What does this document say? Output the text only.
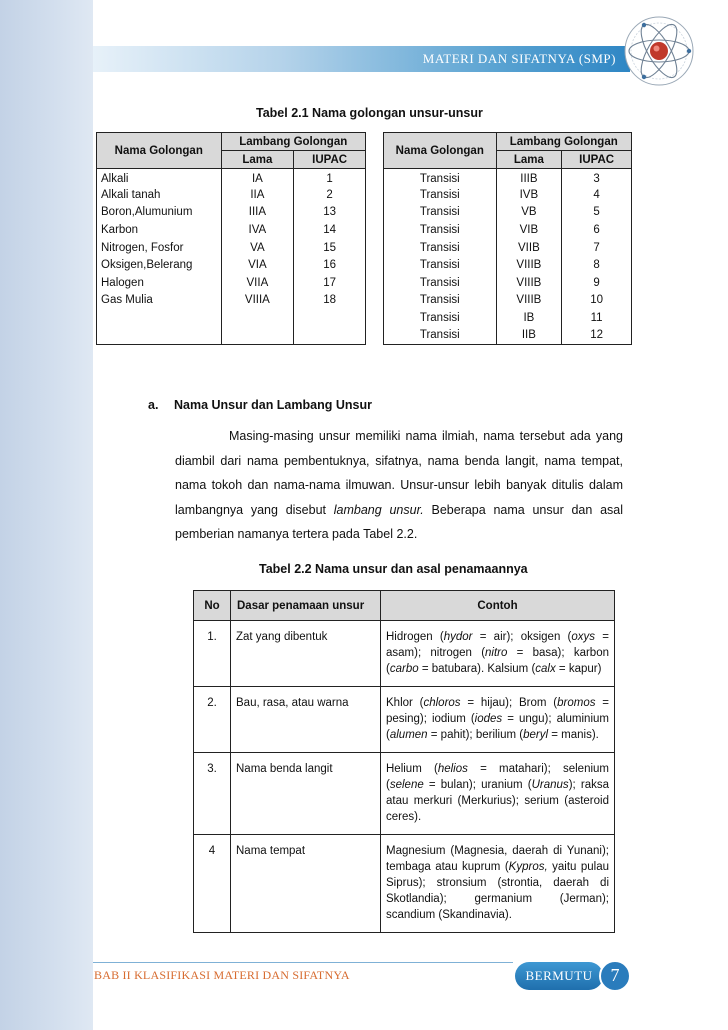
MATERI DAN SIFATNYA (SMP)
Tabel 2.1 Nama golongan unsur-unsur
Nama Golongan	Lambang Golongan	
	Lama	IUPAC
Alkali	IA	1
Alkali tanah	IIA	2
Boron,Alumunium	IIIA	13
Karbon	IVA	14
Nitrogen, Fosfor	VA	15
Oksigen,Belerang	VIA	16
Halogen	VIIA	17
Gas Mulia	VIIIA	18

Nama Golongan	Lambang Golongan	
	Lama	IUPAC
Transisi	IIIB	3
Transisi	IVB	4
Transisi	VB	5
Transisi	VIB	6
Transisi	VIIB	7
Transisi	VIIIB	8
Transisi	VIIIB	9
Transisi	VIIIB	10
Transisi	IB	11
Transisi	IIB	12
a. Nama Unsur dan Lambang Unsur

Masing-masing unsur memiliki nama ilmiah, nama tersebut ada yang diambil dari nama pembentuknya, sifatnya, nama benda langit, nama tempat, nama tokoh dan nama-nama ilmuwan. Unsur-unsur lebih banyak ditulis dalam lambangnya yang disebut lambang unsur. Beberapa nama unsur dan asal pemberian namanya tertera pada Tabel 2.2.

Tabel 2.2 Nama unsur dan asal penamaannya
No	Dasar penamaan unsur	Contoh
1.	Zat yang dibentuk	Hidrogen (hydor = air); oksigen (oxys = asam); nitrogen (nitro = basa); karbon (carbo = batubara). Kalsium (calx = kapur)
2.	Bau, rasa, atau warna	Khlor (chloros = hijau); Brom (bromos = pesing); iodium (iodes = ungu); aluminium (alumen = pahit); berilium (beryl = manis).
3.	Nama benda langit	Helium (helios = matahari); selenium (selene = bulan); uranium (Uranus); raksa atau merkuri (Merkurius); serium (asteroid ceres).
4	Nama tempat	Magnesium (Magnesia, daerah di Yunani); tembaga atau kuprum (Kypros, yaitu pulau Siprus); stronsium (strontia, daerah di Skotlandia); germanium (Jerman); scandium (Skandinavia).
BAB II KLASIFIKASI MATERI DAN SIFATNYA	BERMUTU 7
